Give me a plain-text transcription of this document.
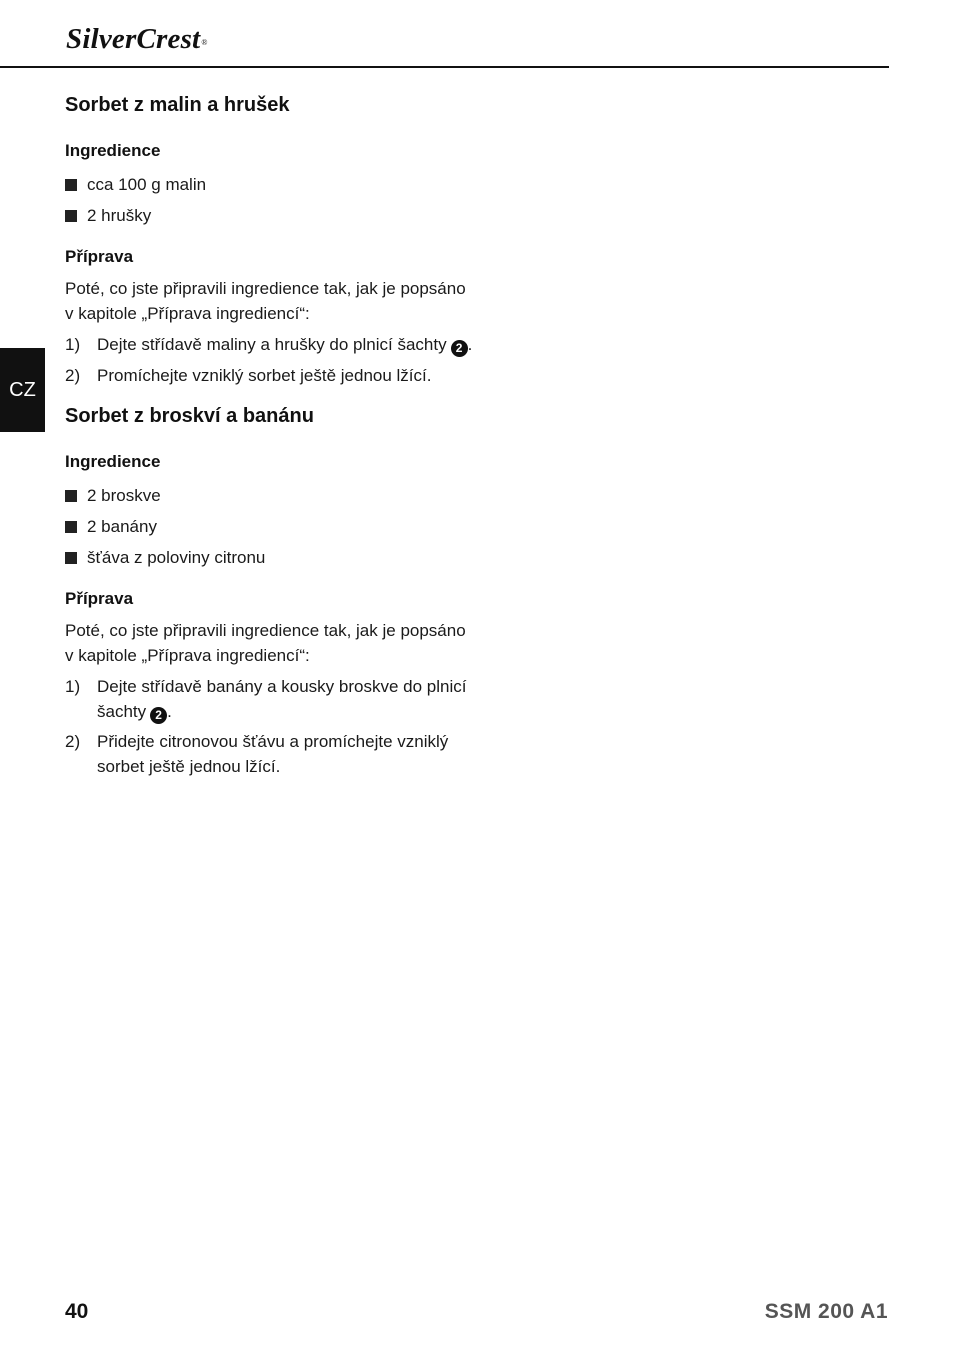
SilverCrest®
CZ
Sorbet z malin a hrušek
Ingredience
cca 100 g malin
2 hrušky
Příprava
Poté, co jste připravili ingredience tak, jak je popsáno v kapitole „Příprava ingrediencí“:
1) Dejte střídavě maliny a hrušky do plnicí šachty 2 .
2) Promíchejte vzniklý sorbet ještě jednou lžící.
Sorbet z broskví a banánu
Ingredience
2 broskve
2 banány
šťáva z poloviny citronu
Příprava
Poté, co jste připravili ingredience tak, jak je popsáno v kapitole „Příprava ingrediencí“:
1) Dejte střídavě banány a kousky broskve do plnicí šachty 2 .
2) Přidejte citronovou šťávu a promíchejte vzniklý sorbet ještě jednou lžící.
40	SSM 200 A1
